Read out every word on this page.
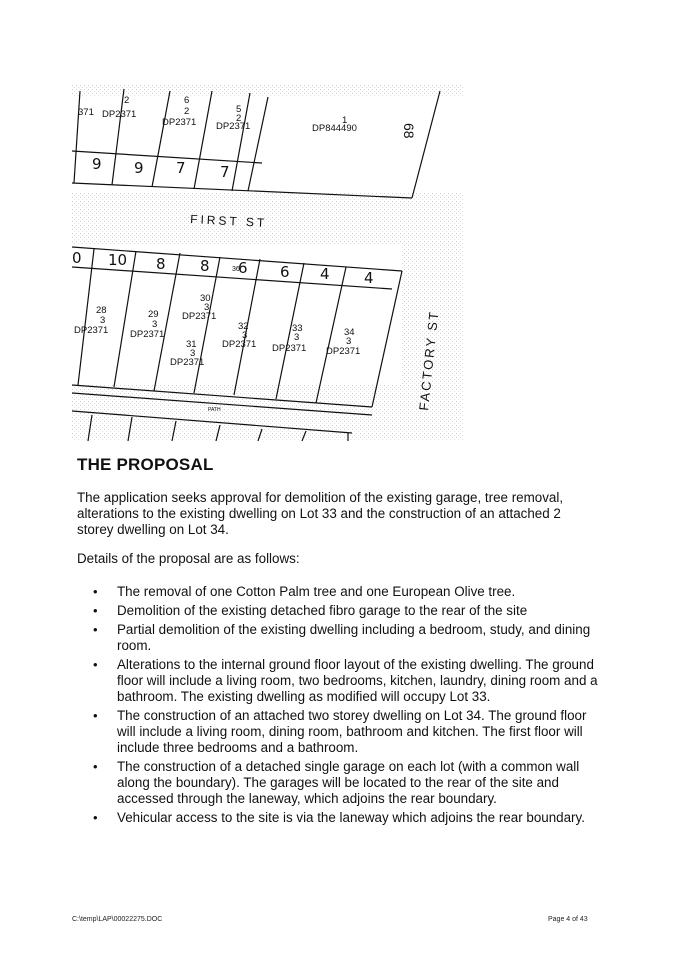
371 DP2371
2	6
2
DP2371
5
2
DP2371
1
DP844490	68
9 9 7 7
FIRST ST
0 10 8 8 6 6 4 4
36
28
3
DP2371
29
3
DP2371
30
3
DP2371
31
3
DP2371
32
3
DP2371
33
3
DP2371
34
3
DP2371
PATH	FACTORY ST
THE PROPOSAL
The application seeks approval for demolition of the existing garage, tree removal, alterations to the existing dwelling on Lot 33 and the construction of an attached 2 storey dwelling on Lot 34.
Details of the proposal are as follows:
• The removal of one Cotton Palm tree and one European Olive tree.
• Demolition of the existing detached fibro garage to the rear of the site
• Partial demolition of the existing dwelling including a bedroom, study, and dining room.
• Alterations to the internal ground floor layout of the existing dwelling. The ground floor will include a living room, two bedrooms, kitchen, laundry, dining room and a bathroom. The existing dwelling as modified will occupy Lot 33.
• The construction of an attached two storey dwelling on Lot 34. The ground floor will include a living room, dining room, bathroom and kitchen. The first floor will include three bedrooms and a bathroom.
• The construction of a detached single garage on each lot (with a common wall along the boundary). The garages will be located to the rear of the site and accessed through the laneway, which adjoins the rear boundary.
• Vehicular access to the site is via the laneway which adjoins the rear boundary.
C:\temp\LAP\00022275.DOC	Page 4 of 43
